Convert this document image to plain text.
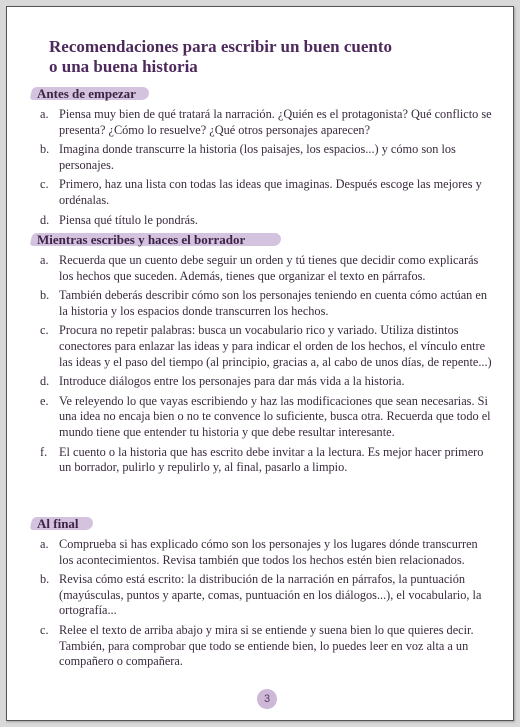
Recomendaciones para escribir un buen cuento
o una buena historia
Antes de empezar
a. Piensa muy bien de qué tratará la narración. ¿Quién es el protagonista? Qué conflicto se presenta? ¿Cómo lo resuelve? ¿Qué otros personajes aparecen?
b. Imagina donde transcurre la historia (los paisajes, los espacios...) y cómo son los personajes.
c. Primero, haz una lista con todas las ideas que imaginas. Después escoge las mejores y ordénalas.
d. Piensa qué título le pondrás.
Mientras escribes y haces el borrador
a. Recuerda que un cuento debe seguir un orden y tú tienes que decidir como explicarás los hechos que suceden. Además, tienes que organizar el texto en párrafos.
b. También deberás describir cómo son los personajes teniendo en cuenta cómo actúan en la historia y los espacios donde transcurren los hechos.
c. Procura no repetir palabras: busca un vocabulario rico y variado. Utiliza distintos conectores para enlazar las ideas y para indicar el orden de los hechos, el vínculo entre las ideas y el paso del tiempo (al principio, gracias a, al cabo de unos días, de repente...)
d. Introduce diálogos entre los personajes para dar más vida a la historia.
e. Ve releyendo lo que vayas escribiendo y haz las modificaciones que sean necesarias. Si una idea no encaja bien o no te convence lo suficiente, busca otra. Recuerda que todo el mundo tiene que entender tu historia y que debe resultar interesante.
f. El cuento o la historia que has escrito debe invitar a la lectura. Es mejor hacer primero un borrador, pulirlo y repulirlo y, al final, pasarlo a limpio.
Al final
a. Comprueba si has explicado cómo son los personajes y los lugares dónde transcurren los acontecimientos. Revisa también que todos los hechos estén bien relacionados.
b. Revisa cómo está escrito: la distribución de la narración en párrafos, la puntuación (mayúsculas, puntos y aparte, comas, puntuación en los diálogos...), el vocabulario, la ortografía...
c. Relee el texto de arriba abajo y mira si se entiende y suena bien lo que quieres decir. También, para comprobar que todo se entiende bien, lo puedes leer en voz alta a un compañero o compañera.
3
